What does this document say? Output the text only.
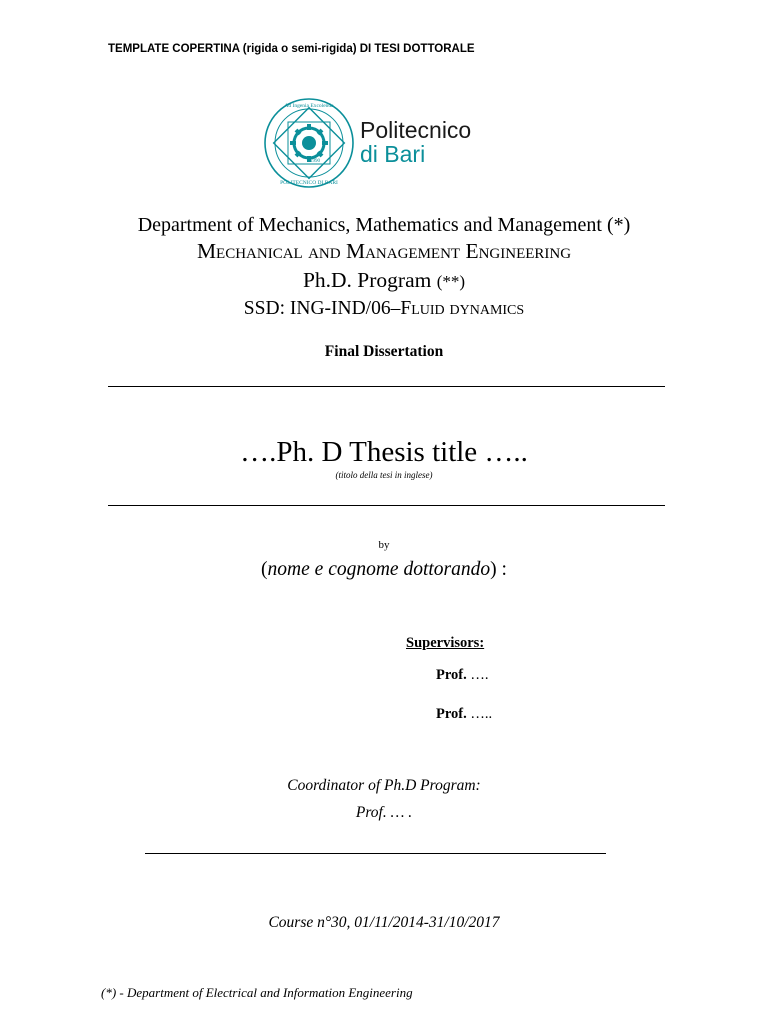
TEMPLATE COPERTINA (rigida o semi-rigida) DI TESI DOTTORALE
Ad Ingenia Excolenda
POLITECNICO DI BARI
1990
Politecnico
di Bari
Department of Mechanics, Mathematics and Management (*)
Mechanical and Management Engineering
Ph.D. Program (**)
SSD: ING-IND/06–Fluid dynamics
Final Dissertation
….Ph. D Thesis title …..
(titolo della tesi in inglese)
by
(nome e cognome dottorando) :
Supervisors:
Prof. ….
Prof. …..
Coordinator of Ph.D Program:
Prof. … .
Course n°30, 01/11/2014-31/10/2017
(*) - Department of Electrical and Information Engineering
